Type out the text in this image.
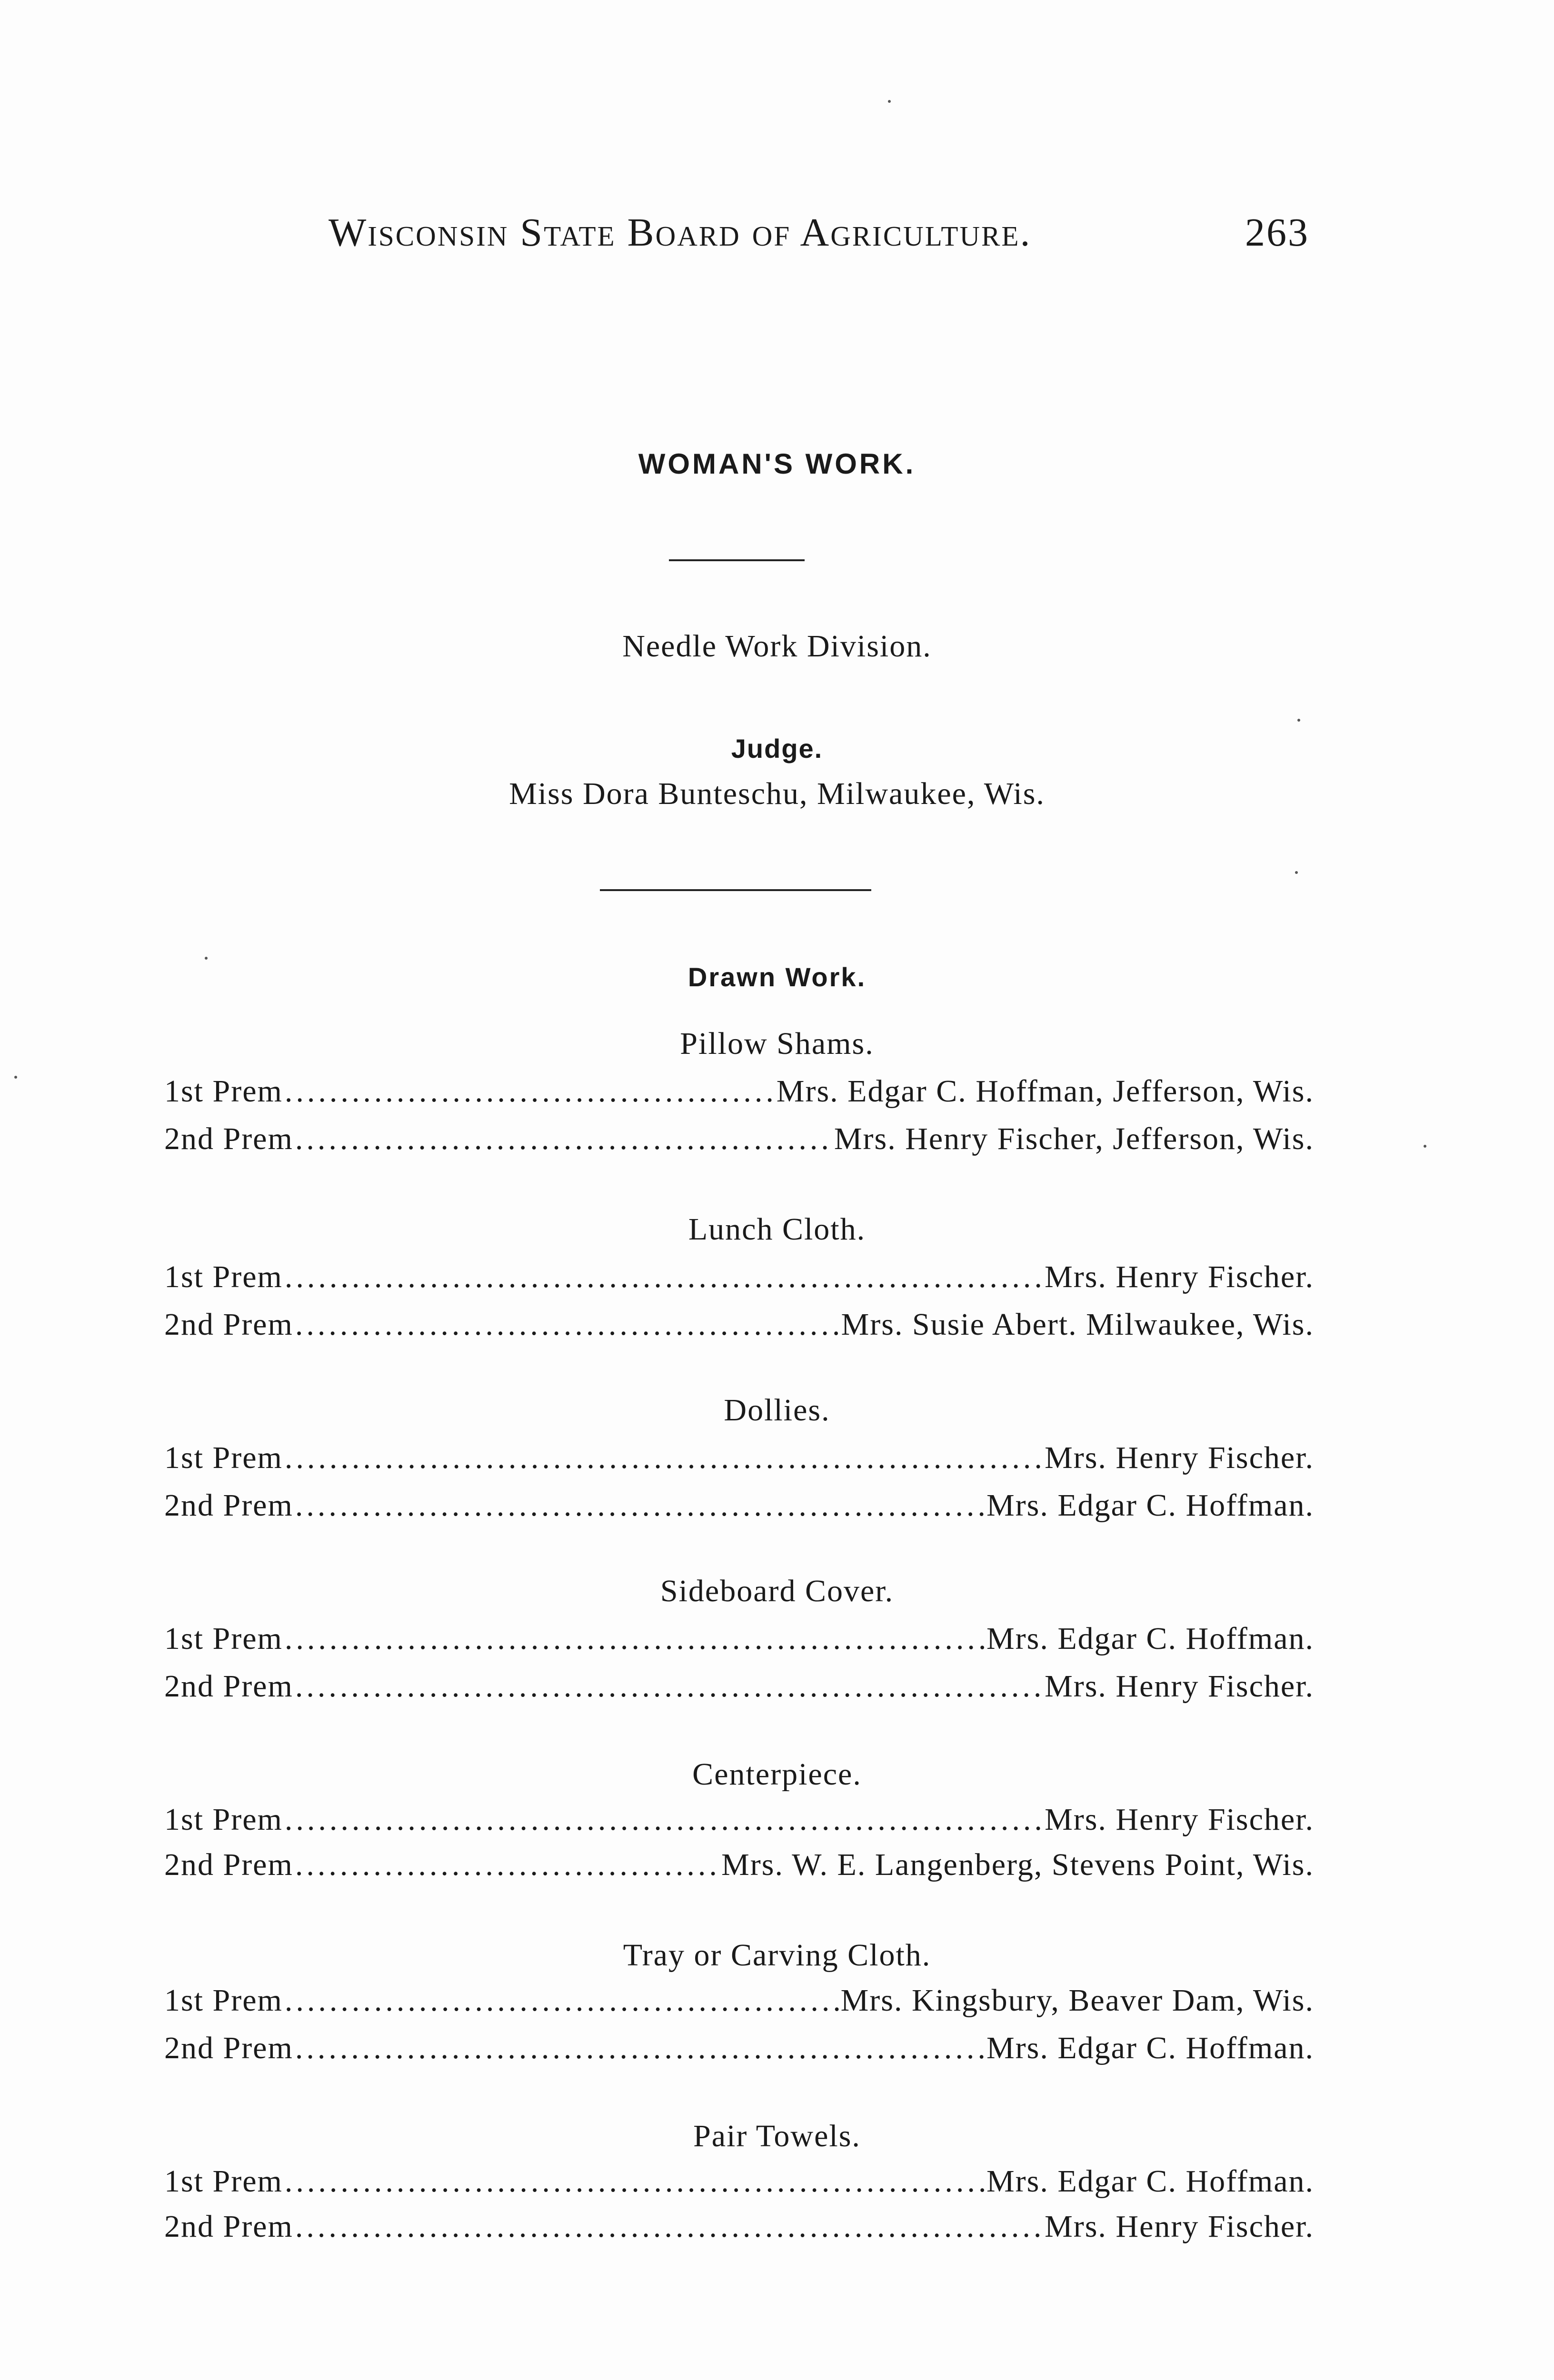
Wisconsin State Board of Agriculture.	263
WOMAN'S WORK.
Needle Work Division.
Judge.
Miss Dora Bunteschu, Milwaukee, Wis.
Drawn Work.
Pillow Shams.
1st Prem .....	Mrs. Edgar C. Hoffman, Jefferson, Wis.
2nd Prem .....	Mrs. Henry Fischer, Jefferson, Wis.
Lunch Cloth.
1st Prem .....	Mrs. Henry Fischer.
2nd Prem .....	Mrs. Susie Abert. Milwaukee, Wis.
Dollies.
1st Prem .....	Mrs. Henry Fischer.
2nd Prem .....	Mrs. Edgar C. Hoffman.
Sideboard Cover.
1st Prem .....	Mrs. Edgar C. Hoffman.
2nd Prem .....	Mrs. Henry Fischer.
Centerpiece.
1st Prem .....	Mrs. Henry Fischer.
2nd Prem .....	Mrs. W. E. Langenberg, Stevens Point, Wis.
Tray or Carving Cloth.
1st Prem .....	Mrs. Kingsbury, Beaver Dam, Wis.
2nd Prem .....	Mrs. Edgar C. Hoffman.
Pair Towels.
1st Prem .....	Mrs. Edgar C. Hoffman.
2nd Prem .....	Mrs. Henry Fischer.
